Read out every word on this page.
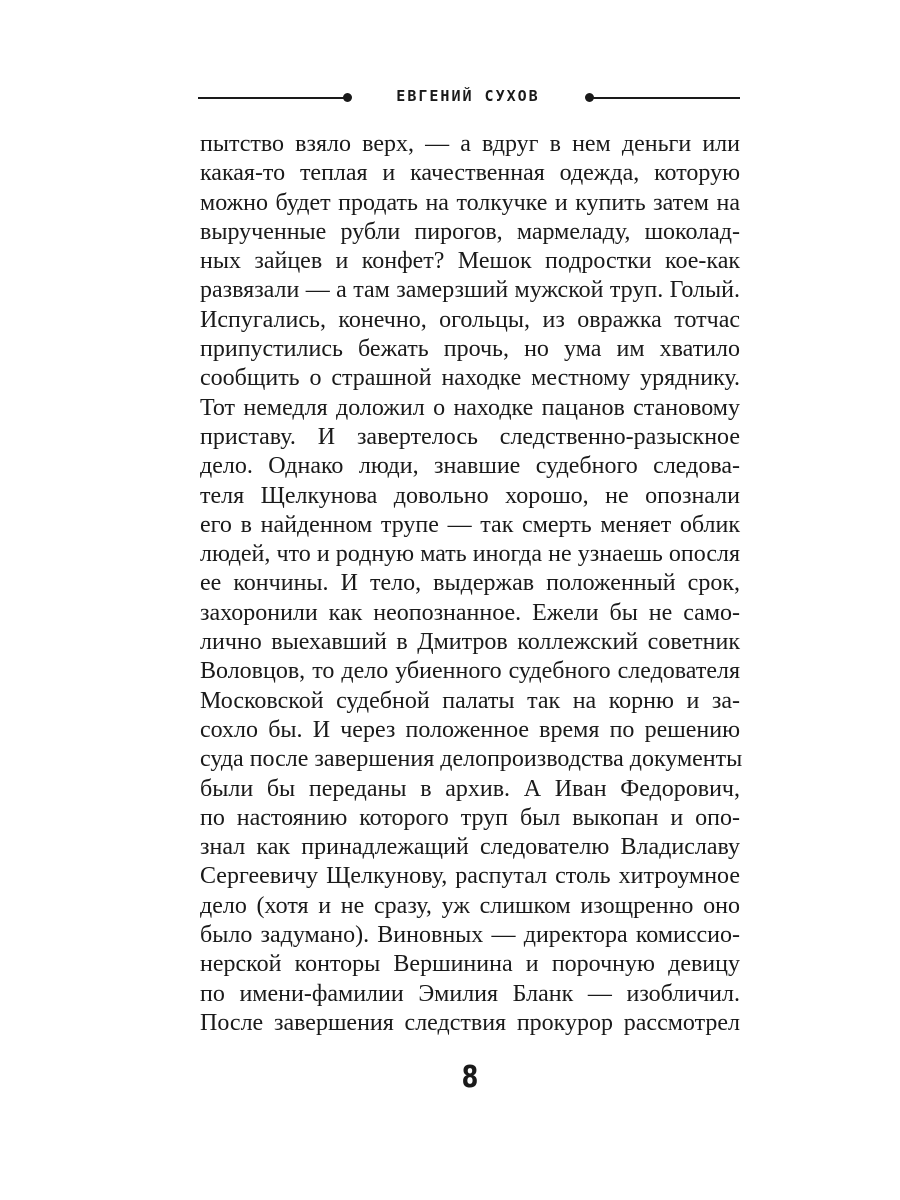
ЕВГЕНИЙ СУХОВ
пытство взяло верх, — а вдруг в нем деньги или
какая-то теплая и качественная одежда, которую
можно будет продать на толкучке и купить затем на
вырученные рубли пирогов, мармеладу, шоколад-
ных зайцев и конфет? Мешок подростки кое-как
развязали — а там замерзший мужской труп. Голый.
Испугались, конечно, огольцы, из овражка тотчас
припустились бежать прочь, но ума им хватило
сообщить о страшной находке местному уряднику.
Тот немедля доложил о находке пацанов становому
приставу. И завертелось следственно-разыскное
дело. Однако люди, знавшие судебного следова-
теля Щелкунова довольно хорошо, не опознали
его в найденном трупе — так смерть меняет облик
людей, что и родную мать иногда не узнаешь опосля
ее кончины. И тело, выдержав положенный срок,
захоронили как неопознанное. Ежели бы не само-
лично выехавший в Дмитров коллежский советник
Воловцов, то дело убиенного судебного следователя
Московской судебной палаты так на корню и за-
сохло бы. И через положенное время по решению
суда после завершения делопроизводства документы
были бы переданы в архив. А Иван Федорович,
по настоянию которого труп был выкопан и опо-
знал как принадлежащий следователю Владиславу
Сергеевичу Щелкунову, распутал столь хитроумное
дело (хотя и не сразу, уж слишком изощренно оно
было задумано). Виновных — директора комиссио-
нерской конторы Вершинина и порочную девицу
по имени-фамилии Эмилия Бланк — изобличил.
После завершения следствия прокурор рассмотрел
8
